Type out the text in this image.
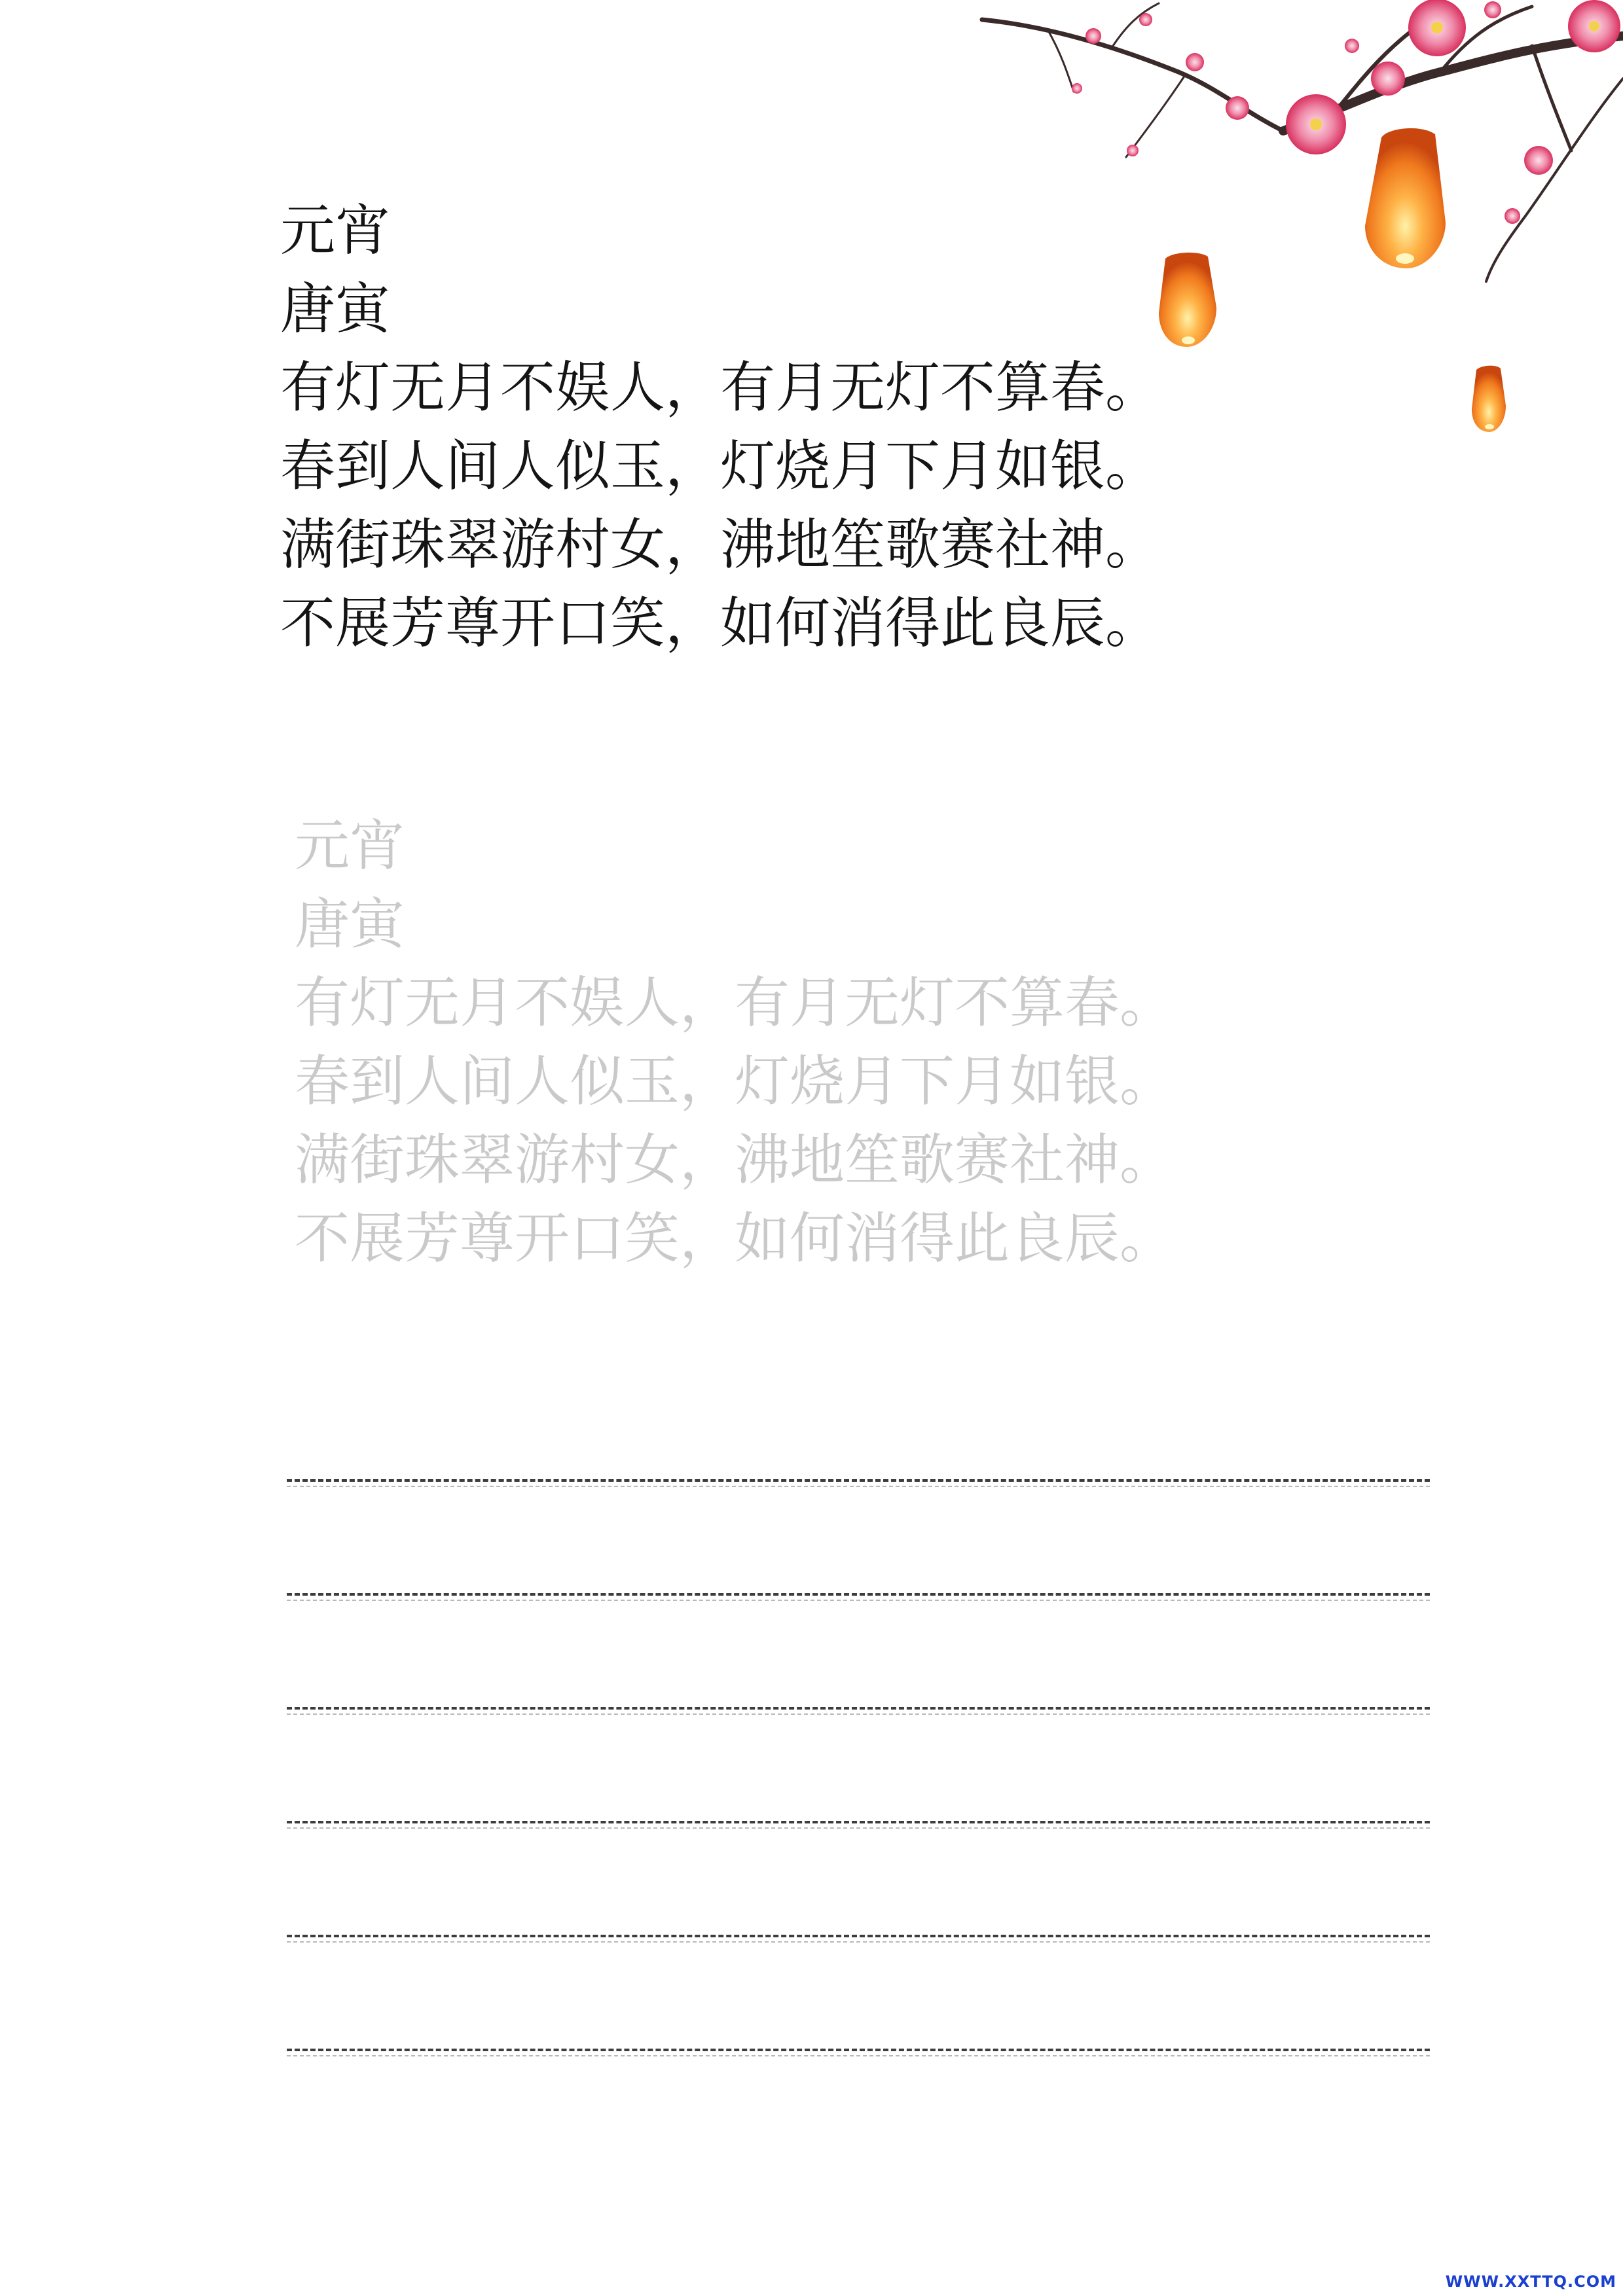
元宵
唐寅
有灯无月不娱人，有月无灯不算春。
春到人间人似玉，灯烧月下月如银。
满街珠翠游村女，沸地笙歌赛社神。
不展芳尊开口笑，如何消得此良辰。
元宵
唐寅
有灯无月不娱人，有月无灯不算春。
春到人间人似玉，灯烧月下月如银。
满街珠翠游村女，沸地笙歌赛社神。
不展芳尊开口笑，如何消得此良辰。
WWW.XXTTQ.COM
